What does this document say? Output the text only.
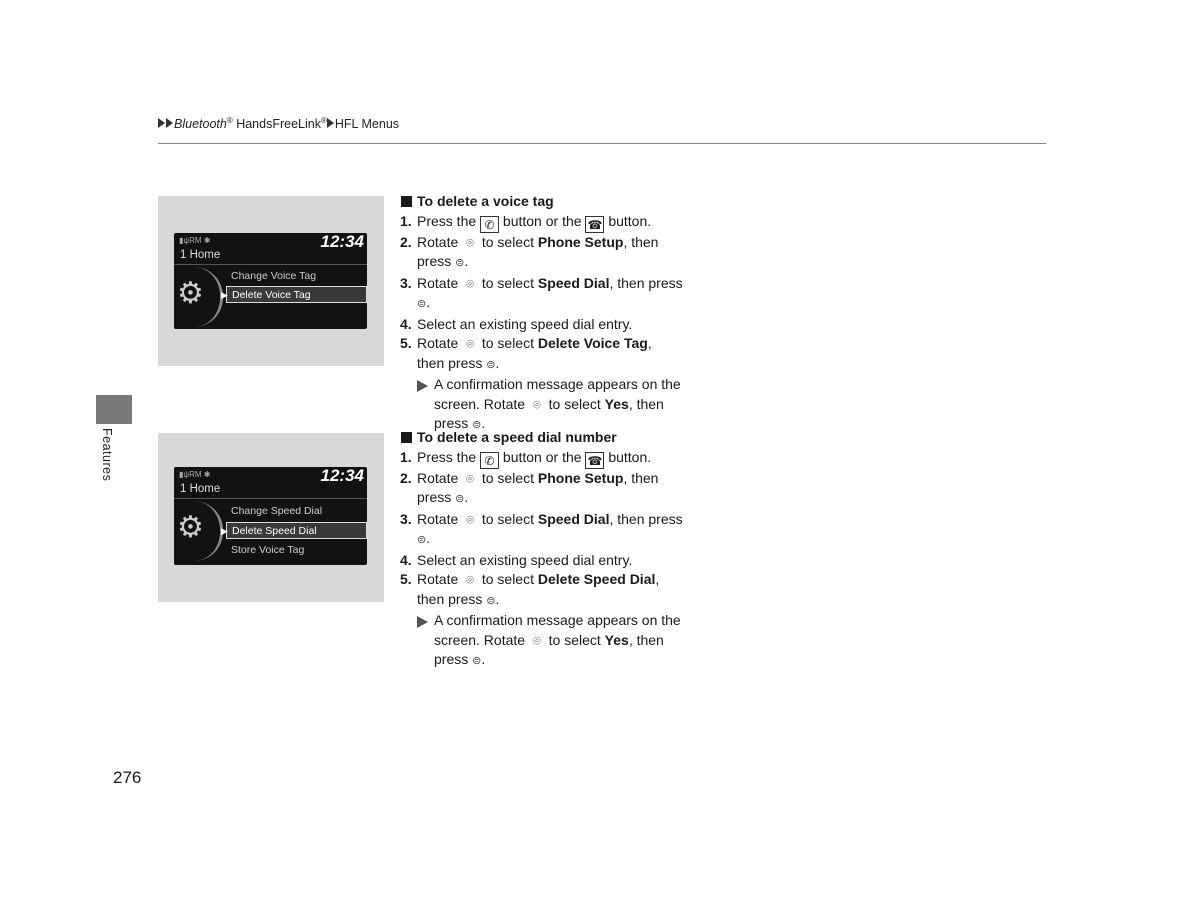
Bluetooth® HandsFreeLink® HFL Menus
Features
▮ψRM ✱	12:34
1 Home
⚙
Change Voice Tag
▶ Delete Voice Tag
▮ψRM ✱	12:34
1 Home
⚙	Change Speed Dial
▶ Delete Speed Dial
Store Voice Tag
To delete a voice tag
1. Press the ✆ button or the ☎ button.
2. Rotate ⌾ to select Phone Setup, then
press ⊜.
3. Rotate ⌾ to select Speed Dial, then press
⊜.
4. Select an existing speed dial entry.
5. Rotate ⌾ to select Delete Voice Tag,
then press ⊜.
A confirmation message appears on the
screen. Rotate ⌾ to select Yes, then
press ⊜.
To delete a speed dial number
1. Press the ✆ button or the ☎ button.
2. Rotate ⌾ to select Phone Setup, then
press ⊜.
3. Rotate ⌾ to select Speed Dial, then press
⊜.
4. Select an existing speed dial entry.
5. Rotate ⌾ to select Delete Speed Dial,
then press ⊜.
A confirmation message appears on the
screen. Rotate ⌾ to select Yes, then
press ⊜.
276
